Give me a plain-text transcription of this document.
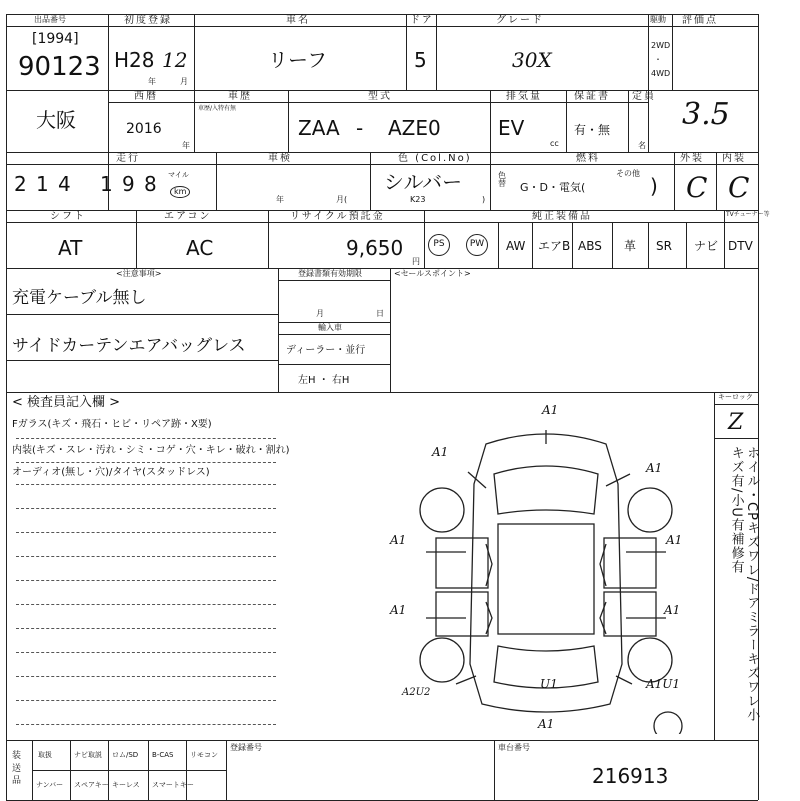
出品番号
[1994]
90123
初度登録
H28 12
年	月
車名
リーフ
ドア
5
グレード
30X
駆動
2WD
・
4WD
評価点
3.5
大阪
西暦
2016
年
車歴
車歴/入特有無
型式
ZAA - AZE0
排気量
EV
cc
保証書
有・無
定員
名
走行
2 1 4 1 9 8 マイル
km
車検
年	月(
色 (Col.No)
シルバー
K23	)
色替
燃料
G・D・電気(
その他
)
外装
C
内装
C
シフト
AT
エアコン
AC
リサイクル預託金
9,650
円
純正装備品	TVチューナー等
PS	PW	AW エアB ABS 革 SR ナビ DTV
<注意事項>
充電ケーブル無し
サイドカーテンエアバッグレス
登録書類有効期限
月	日
輸入車
ディーラー・並行
左H ・ 右H
<セールスポイント>
< 検査員記入欄 >
Fガラス(キズ・飛石・ヒビ・リペア跡・X要)
内装(キズ・スレ・汚れ・シミ・コゲ・穴・キレ・破れ・割れ)
オーディオ(無し・穴)/タイヤ(スタッドレス)
キーロック
Z
ホイル・CPキズワレ/ドアミラーキズワレ小キズ有/小U有補修有
A1
A1
A1
A1	A1
A1	A1
A2U2
U1	A1U1
A1
装送品
取扱	ナビ取説 ロム/SD B-CAS リモコン
ナンバー スペアキー キーレス スマートキー
登録番号	車台番号
216913
